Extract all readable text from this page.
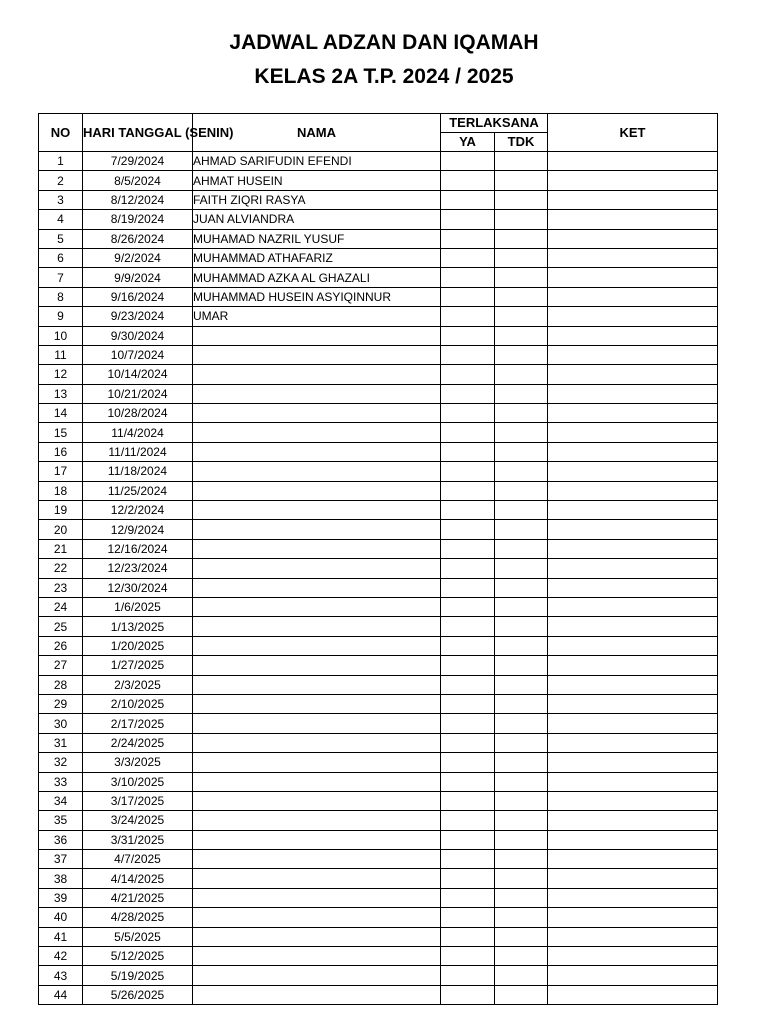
JADWAL ADZAN DAN IQAMAH
KELAS 2A T.P. 2024 / 2025
NO	HARI TANGGAL (SENIN)	NAMA	TERLAKSANA		KET
			YA	TDK	
1	7/29/2024	AHMAD SARIFUDIN EFENDI			
2	8/5/2024	AHMAT HUSEIN			
3	8/12/2024	FAITH ZIQRI RASYA			
4	8/19/2024	JUAN ALVIANDRA			
5	8/26/2024	MUHAMAD NAZRIL YUSUF			
6	9/2/2024	MUHAMMAD ATHAFARIZ			
7	9/9/2024	MUHAMMAD AZKA AL GHAZALI			
8	9/16/2024	MUHAMMAD HUSEIN ASYIQINNUR			
9	9/23/2024	UMAR			
10	9/30/2024				
11	10/7/2024				
12	10/14/2024				
13	10/21/2024				
14	10/28/2024				
15	11/4/2024				
16	11/11/2024				
17	11/18/2024				
18	11/25/2024				
19	12/2/2024				
20	12/9/2024				
21	12/16/2024				
22	12/23/2024				
23	12/30/2024				
24	1/6/2025				
25	1/13/2025				
26	1/20/2025				
27	1/27/2025				
28	2/3/2025				
29	2/10/2025				
30	2/17/2025				
31	2/24/2025				
32	3/3/2025				
33	3/10/2025				
34	3/17/2025				
35	3/24/2025				
36	3/31/2025				
37	4/7/2025				
38	4/14/2025				
39	4/21/2025				
40	4/28/2025				
41	5/5/2025				
42	5/12/2025				
43	5/19/2025				
44	5/26/2025				
